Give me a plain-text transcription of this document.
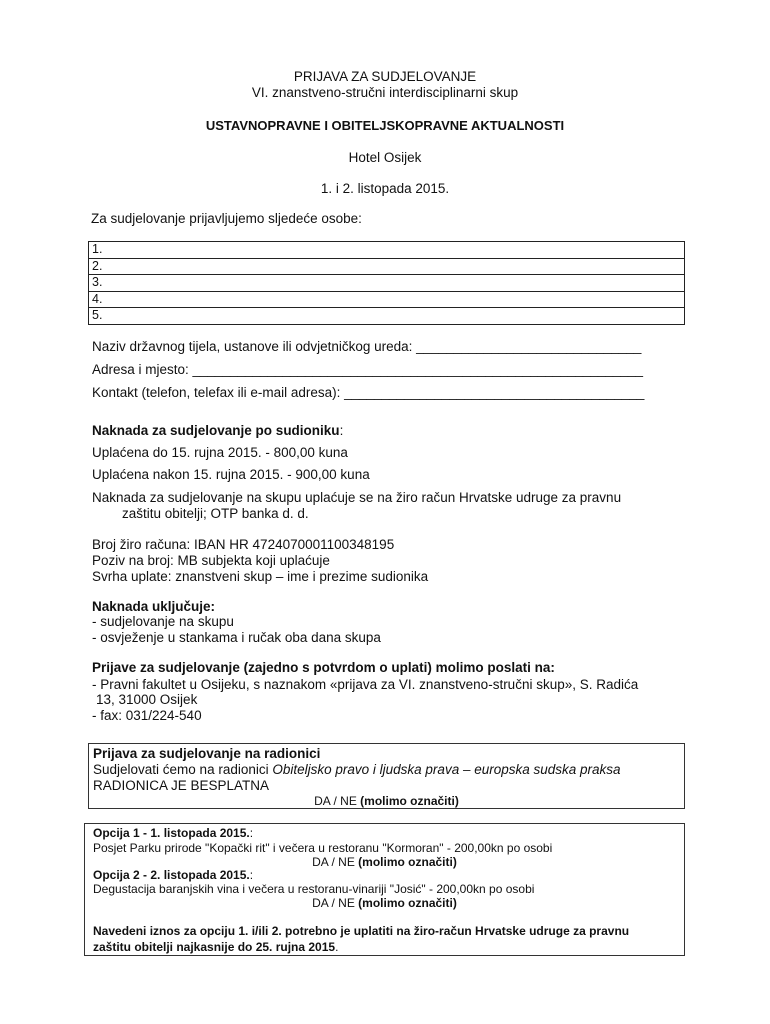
PRIJAVA ZA SUDJELOVANJE
VI. znanstveno-stručni interdisciplinarni skup
USTAVNOPRAVNE I OBITELJSKOPRAVNE AKTUALNOSTI
Hotel Osijek
1. i 2. listopada 2015.
Za sudjelovanje prijavljujemo sljedeće osobe:
1.
2.
3.
4.
5.
Naziv državnog tijela, ustanove ili odvjetničkog ureda: ______________________________
Adresa i mjesto: ____________________________________________________________
Kontakt (telefon, telefax ili e-mail adresa): ________________________________________
Naknada za sudjelovanje po sudioniku:
Uplaćena do 15. rujna 2015. - 800,00 kuna
Uplaćena nakon 15. rujna 2015. - 900,00 kuna
Naknada za sudjelovanje na skupu uplaćuje se na žiro račun Hrvatske udruge za pravnu
zaštitu obitelji; OTP banka d. d.
Broj žiro računa: IBAN HR 4724070001100348195
Poziv na broj: MB subjekta koji uplaćuje
Svrha uplate: znanstveni skup – ime i prezime sudionika
Naknada uključuje:
- sudjelovanje na skupu
- osvježenje u stankama i ručak oba dana skupa
Prijave za sudjelovanje (zajedno s potvrdom o uplati) molimo poslati na:
- Pravni fakultet u Osijeku, s naznakom «prijava za VI. znanstveno-stručni skup», S. Radića
13, 31000 Osijek
- fax: 031/224-540
Prijava za sudjelovanje na radionici
Sudjelovati ćemo na radionici Obiteljsko pravo i ljudska prava – europska sudska praksa
RADIONICA JE BESPLATNA
DA / NE (molimo označiti)
Opcija 1 - 1. listopada 2015.:
Posjet Parku prirode "Kopački rit" i večera u restoranu "Kormoran" - 200,00kn po osobi
DA / NE (molimo označiti)
Opcija 2 - 2. listopada 2015.:
Degustacija baranjskih vina i večera u restoranu-vinariji "Josić" - 200,00kn po osobi
DA / NE (molimo označiti)
Navedeni iznos za opciju 1. i/ili 2. potrebno je uplatiti na žiro-račun Hrvatske udruge za pravnu
zaštitu obitelji najkasnije do 25. rujna 2015.
